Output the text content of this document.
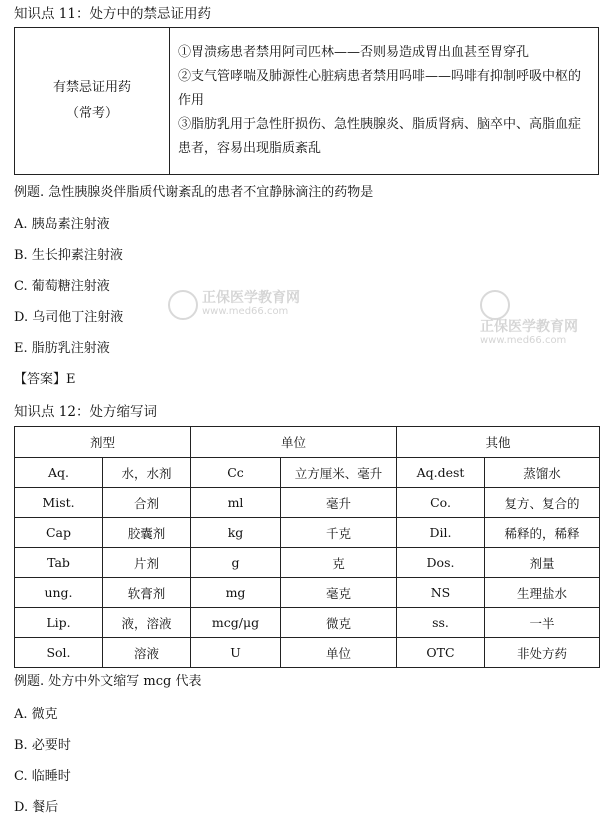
知识点 11：处方中的禁忌证用药
有禁忌证用药
（常考）

①胃溃疡患者禁用阿司匹林——否则易造成胃出血甚至胃穿孔
②支气管哮喘及肺源性心脏病患者禁用吗啡——吗啡有抑制呼吸中枢的作用
③脂肪乳用于急性肝损伤、急性胰腺炎、脂质肾病、脑卒中、高脂血症患者，容易出现脂质紊乱
例题. 急性胰腺炎伴脂质代谢紊乱的患者不宜静脉滴注的药物是
A. 胰岛素注射液
B. 生长抑素注射液
C. 葡萄糖注射液
D. 乌司他丁注射液
E. 脂肪乳注射液
【答案】E
知识点 12：处方缩写词
剂型		单位		其他	
Aq.	水，水剂	Cc	立方厘米、毫升	Aq.dest	蒸馏水
Mist.	合剂	ml	毫升	Co.	复方、复合的
Cap	胶囊剂	kg	千克	Dil.	稀释的，稀释
Tab	片剂	g	克	Dos.	剂量
ung.	软膏剂	mg	毫克	NS	生理盐水
Lip.	液，溶液	mcg/μg	微克	ss.	一半
Sol.	溶液	U	单位	OTC	非处方药
例题. 处方中外文缩写 mcg 代表
A. 微克
B. 必要时
C. 临睡时
D. 餐后
正保医学教育网
www.med66.com
正保医学教育网
www.med66.com
